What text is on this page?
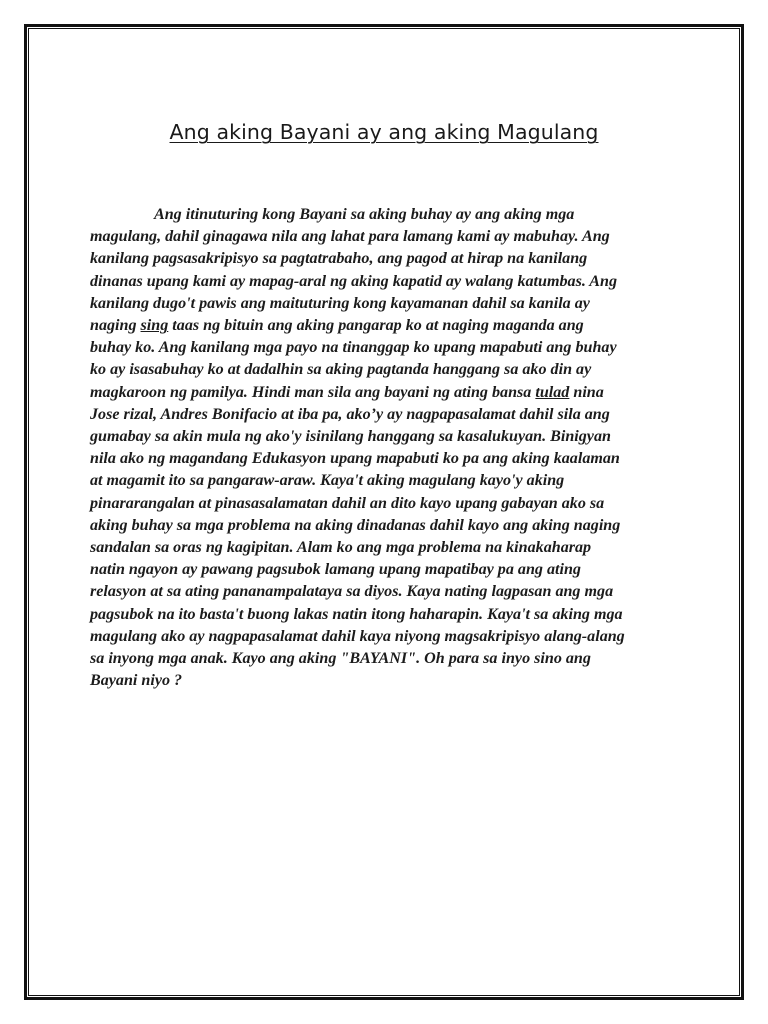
Ang aking Bayani ay ang aking Magulang
Ang itinuturing kong Bayani sa aking buhay ay ang aking mga
magulang, dahil ginagawa nila ang lahat para lamang kami ay mabuhay. Ang
kanilang pagsasakripisyo sa pagtatrabaho, ang pagod at hirap na kanilang
dinanas upang kami ay mapag-aral ng aking kapatid ay walang katumbas. Ang
kanilang dugo't pawis ang maituturing kong kayamanan dahil sa kanila ay
naging sing taas ng bituin ang aking pangarap ko at naging maganda ang
buhay ko. Ang kanilang mga payo na tinanggap ko upang mapabuti ang buhay
ko ay isasabuhay ko at dadalhin sa aking pagtanda hanggang sa ako din ay
magkaroon ng pamilya. Hindi man sila ang bayani ng ating bansa tulad nina
Jose rizal, Andres Bonifacio at iba pa, ako’y ay nagpapasalamat dahil sila ang
gumabay sa akin mula ng ako'y isinilang hanggang sa kasalukuyan. Binigyan
nila ako ng magandang Edukasyon upang mapabuti ko pa ang aking kaalaman
at magamit ito sa pangaraw-araw. Kaya't aking magulang kayo'y aking
pinararangalan at pinasasalamatan dahil an dito kayo upang gabayan ako sa
aking buhay sa mga problema na aking dinadanas dahil kayo ang aking naging
sandalan sa oras ng kagipitan. Alam ko ang mga problema na kinakaharap
natin ngayon ay pawang pagsubok lamang upang mapatibay pa ang ating
relasyon at sa ating pananampalataya sa diyos. Kaya nating lagpasan ang mga
pagsubok na ito basta't buong lakas natin itong haharapin. Kaya't sa aking mga
magulang ako ay nagpapasalamat dahil kaya niyong magsakripisyo alang-alang
sa inyong mga anak. Kayo ang aking "BAYANI". Oh para sa inyo sino ang
Bayani niyo ?
